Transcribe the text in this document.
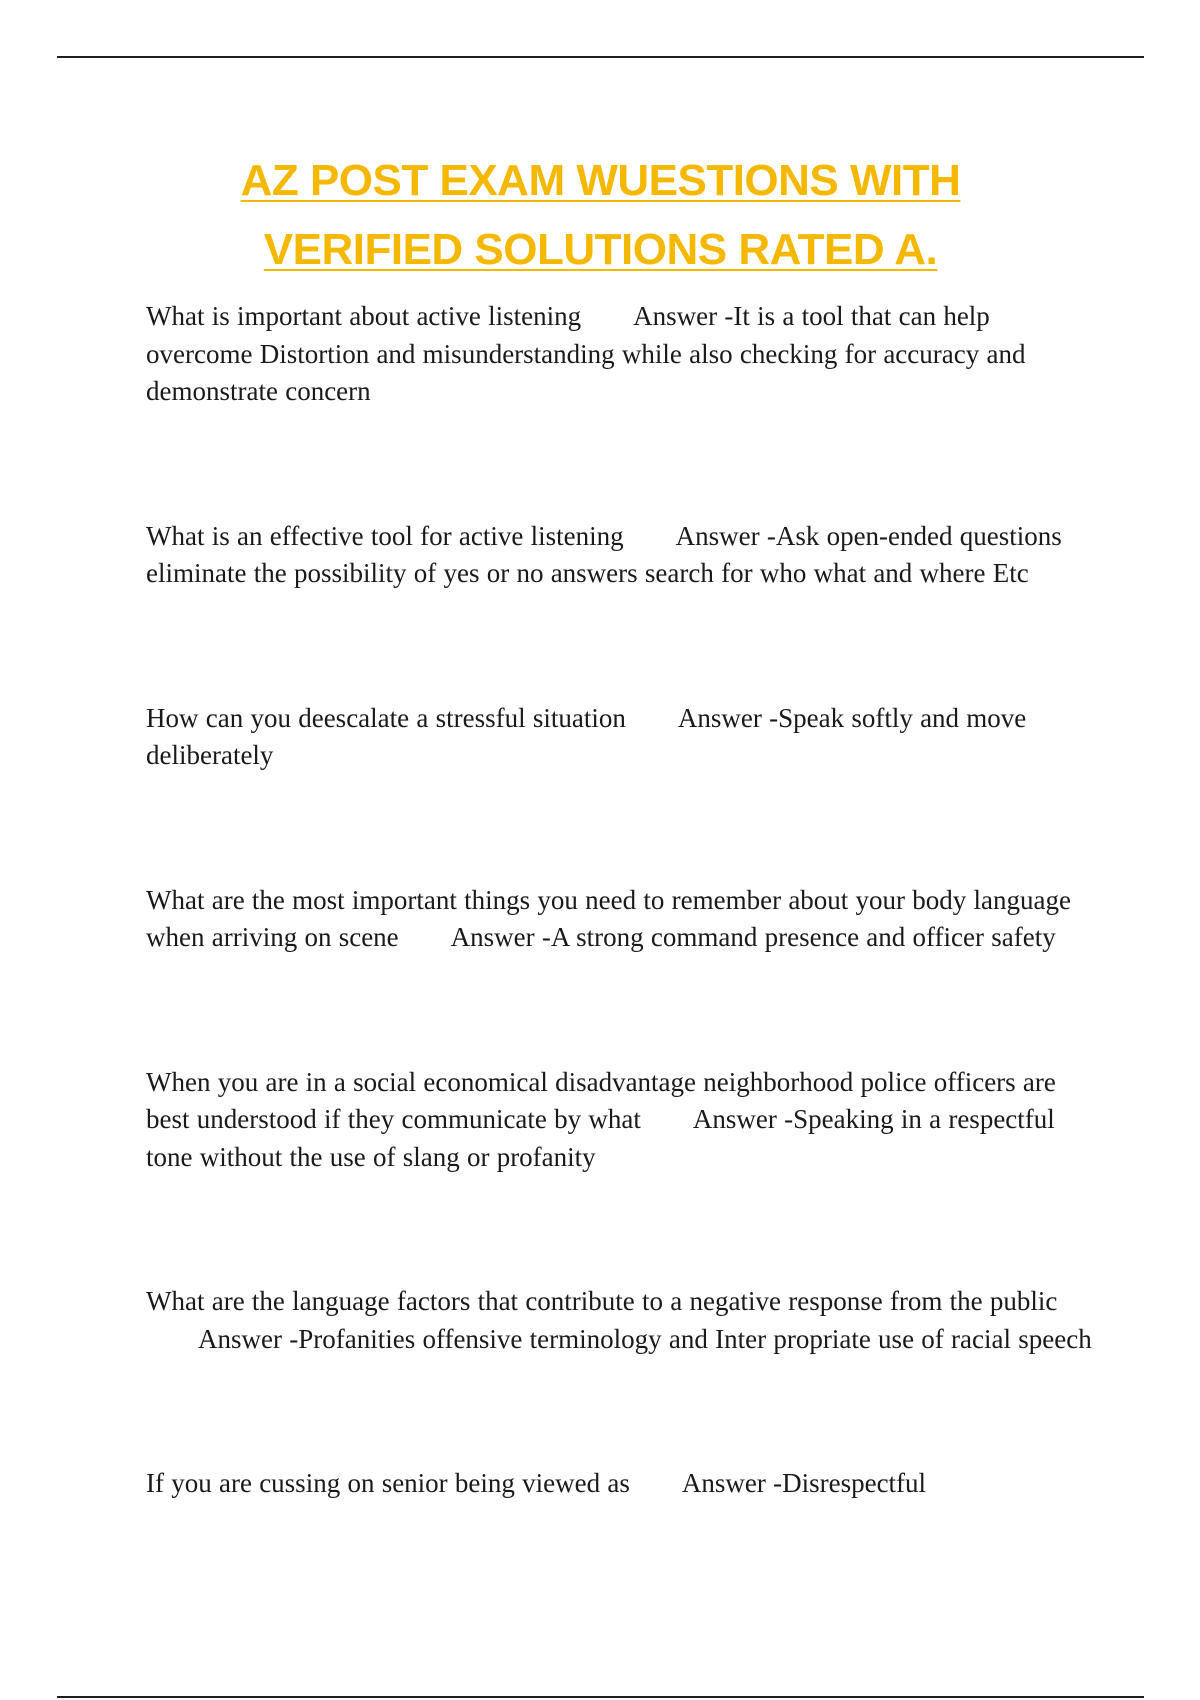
AZ POST EXAM WUESTIONS WITH
VERIFIED SOLUTIONS RATED A.

What is important about active listening Answer -It is a tool that can help overcome Distortion and misunderstanding while also checking for accuracy and demonstrate concern

What is an effective tool for active listening Answer -Ask open-ended questions eliminate the possibility of yes or no answers search for who what and where Etc

How can you deescalate a stressful situation Answer -Speak softly and move deliberately

What are the most important things you need to remember about your body language when arriving on scene Answer -A strong command presence and officer safety

When you are in a social economical disadvantage neighborhood police officers are best understood if they communicate by what Answer -Speaking in a respectful tone without the use of slang or profanity

What are the language factors that contribute to a negative response from the publicAnswer -Profanities offensive terminology and Inter propriate use of racial speech

If you are cussing on senior being viewed as Answer -Disrespectful
